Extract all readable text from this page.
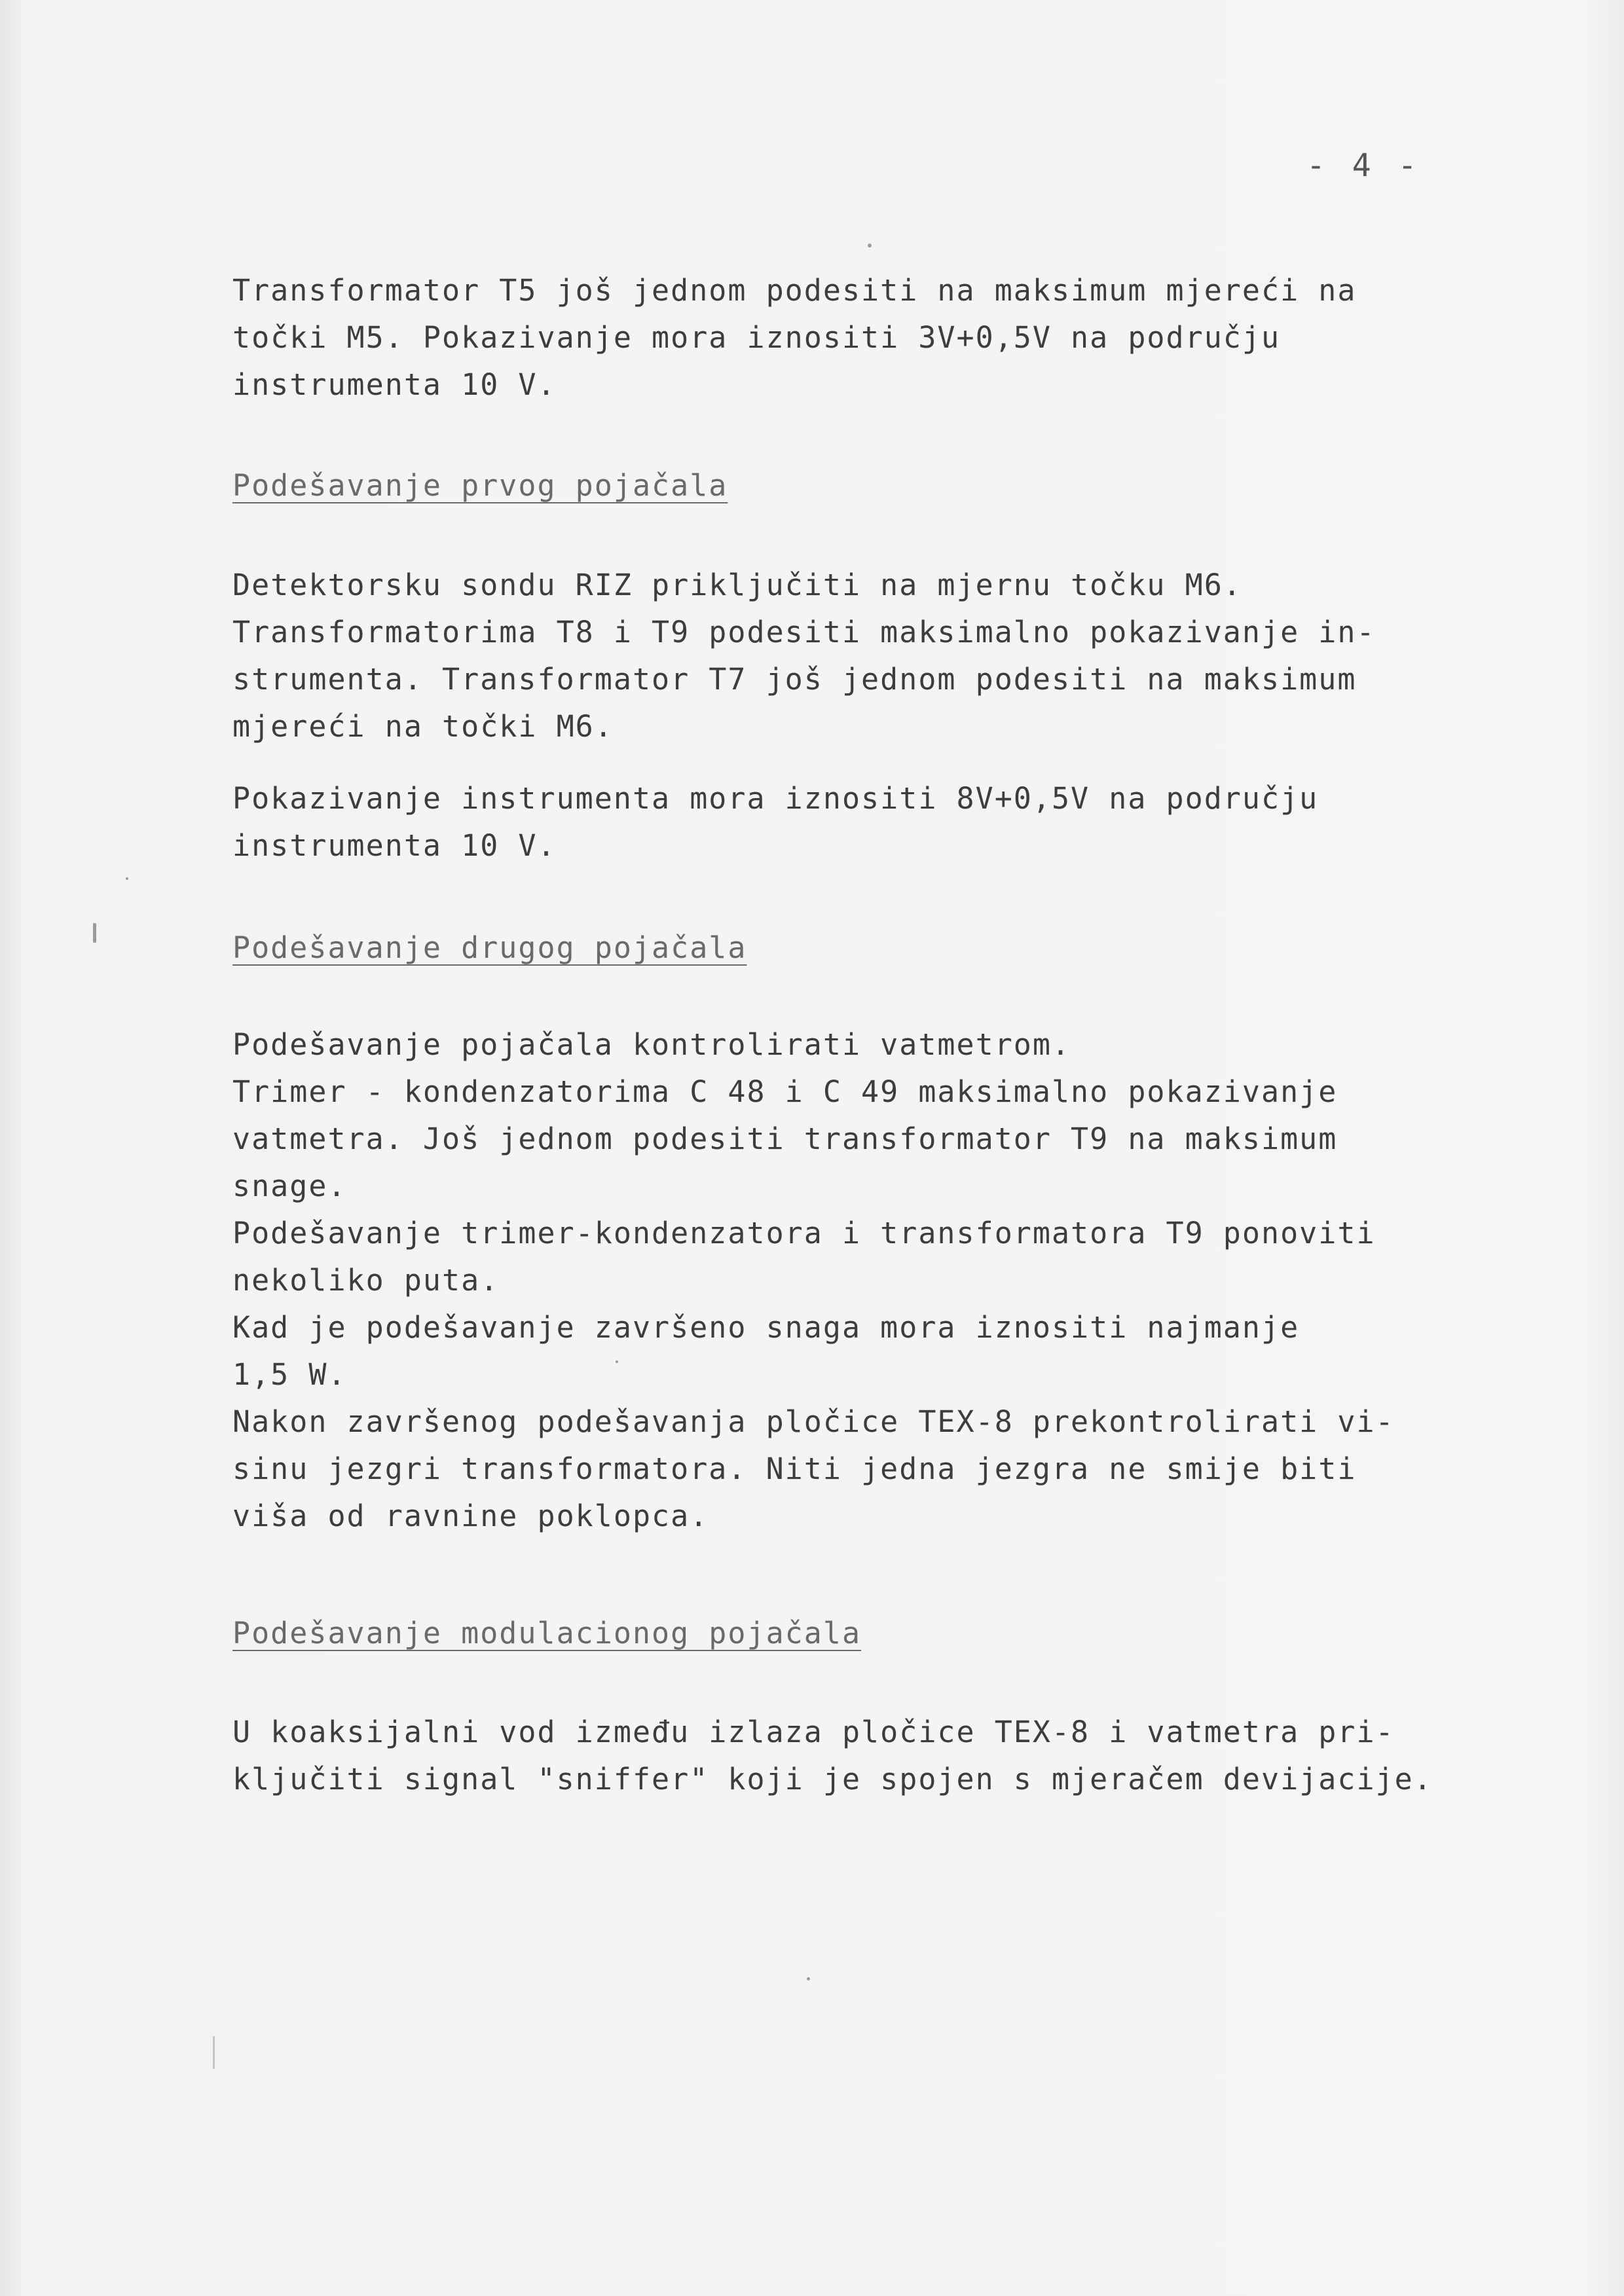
- 4 -
Transformator T5 još jednom podesiti na maksimum mjereći na
točki M5. Pokazivanje mora iznositi 3V+0,5V na području
instrumenta 10 V.
Podešavanje prvog pojačala
Detektorsku sondu RIZ priključiti na mjernu točku M6.
Transformatorima T8 i T9 podesiti maksimalno pokazivanje in-
strumenta. Transformator T7 još jednom podesiti na maksimum
mjereći na točki M6.
Pokazivanje instrumenta mora iznositi 8V+0,5V na području
instrumenta 10 V.
Podešavanje drugog pojačala
Podešavanje pojačala kontrolirati vatmetrom.
Trimer - kondenzatorima C 48 i C 49 maksimalno pokazivanje
vatmetra. Još jednom podesiti transformator T9 na maksimum
snage.
Podešavanje trimer-kondenzatora i transformatora T9 ponoviti
nekoliko puta.
Kad je podešavanje završeno snaga mora iznositi najmanje
1,5 W.
Nakon završenog podešavanja pločice TEX-8 prekontrolirati vi-
sinu jezgri transformatora. Niti jedna jezgra ne smije biti
viša od ravnine poklopca.
Podešavanje modulacionog pojačala
U koaksijalni vod između izlaza pločice TEX-8 i vatmetra pri-
ključiti signal "sniffer" koji je spojen s mjeračem devijacije.
